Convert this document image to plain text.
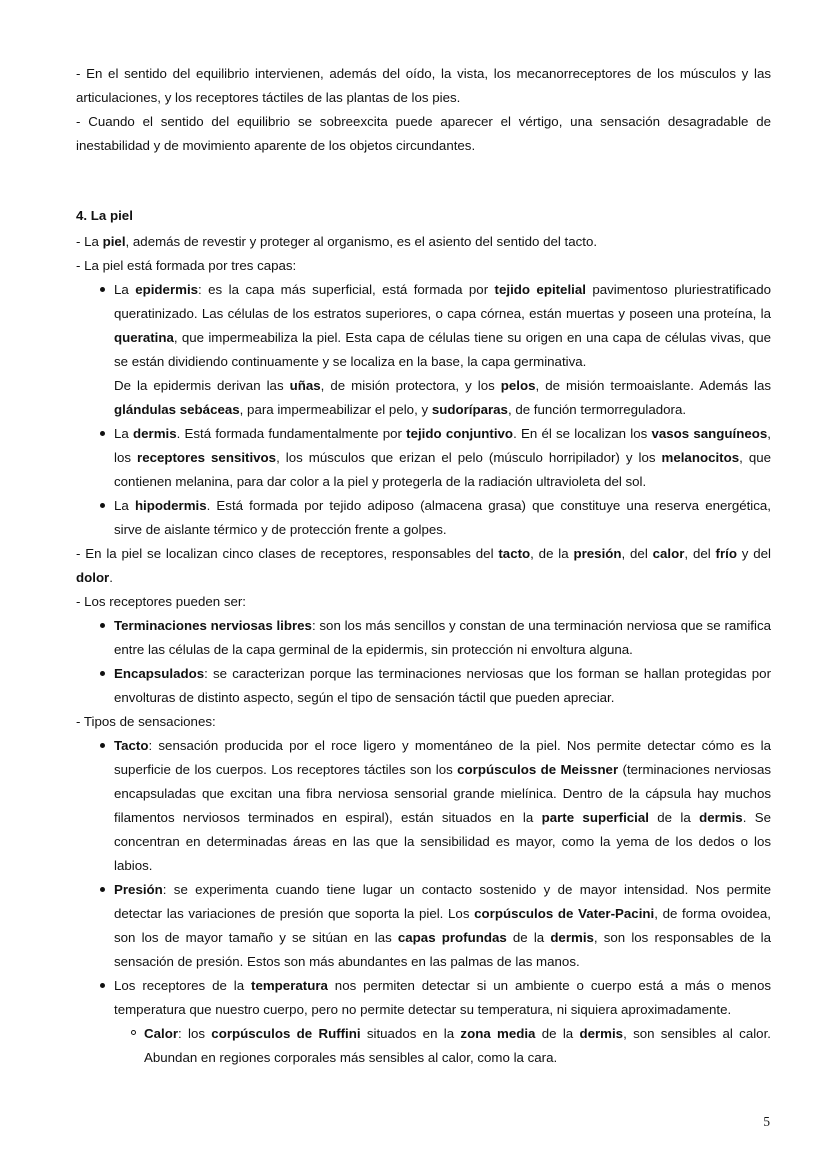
- En el sentido del equilibrio intervienen, además del oído, la vista, los mecanorreceptores de los músculos y las articulaciones, y los receptores táctiles de las plantas de los pies.

- Cuando el sentido del equilibrio se sobreexcita puede aparecer el vértigo, una sensación desagradable de inestabilidad y de movimiento aparente de los objetos circundantes.

4. La piel

- La piel, además de revestir y proteger al organismo, es el asiento del sentido del tacto.

- La piel está formada por tres capas:

La epidermis: es la capa más superficial, está formada por tejido epitelial pavimentoso pluriestratificado queratinizado. Las células de los estratos superiores, o capa córnea, están muertas y poseen una proteína, la queratina, que impermeabiliza la piel. Esta capa de células tiene su origen en una capa de células vivas, que se están dividiendo continuamente y se localiza en la base, la capa germinativa.
De la epidermis derivan las uñas, de misión protectora, y los pelos, de misión termoaislante. Además las glándulas sebáceas, para impermeabilizar el pelo, y sudoríparas, de función termorreguladora.
La dermis. Está formada fundamentalmente por tejido conjuntivo. En él se localizan los vasos sanguíneos, los receptores sensitivos, los músculos que erizan el pelo (músculo horripilador) y los melanocitos, que contienen melanina, para dar color a la piel y protegerla de la radiación ultravioleta del sol.
La hipodermis. Está formada por tejido adiposo (almacena grasa) que constituye una reserva energética, sirve de aislante térmico y de protección frente a golpes.

- En la piel se localizan cinco clases de receptores, responsables del tacto, de la presión, del calor, del frío y del dolor.

- Los receptores pueden ser:

Terminaciones nerviosas libres: son los más sencillos y constan de una terminación nerviosa que se ramifica entre las células de la capa germinal de la epidermis, sin protección ni envoltura alguna.
Encapsulados: se caracterizan porque las terminaciones nerviosas que los forman se hallan protegidas por envolturas de distinto aspecto, según el tipo de sensación táctil que pueden apreciar.

- Tipos de sensaciones:

Tacto: sensación producida por el roce ligero y momentáneo de la piel. Nos permite detectar cómo es la superficie de los cuerpos. Los receptores táctiles son los corpúsculos de Meissner (terminaciones nerviosas encapsuladas que excitan una fibra nerviosa sensorial grande mielínica. Dentro de la cápsula hay muchos filamentos nerviosos terminados en espiral), están situados en la parte superficial de la dermis. Se concentran en determinadas áreas en las que la sensibilidad es mayor, como la yema de los dedos o los labios.
Presión: se experimenta cuando tiene lugar un contacto sostenido y de mayor intensidad. Nos permite detectar las variaciones de presión que soporta la piel. Los corpúsculos de Vater-Pacini, de forma ovoidea, son los de mayor tamaño y se sitúan en las capas profundas de la dermis, son los responsables de la sensación de presión. Estos son más abundantes en las palmas de las manos.
Los receptores de la temperatura nos permiten detectar si un ambiente o cuerpo está a más o menos temperatura que nuestro cuerpo, pero no permite detectar su temperatura, ni siquiera aproximadamente.
Calor: los corpúsculos de Ruffini situados en la zona media de la dermis, son sensibles al calor. Abundan en regiones corporales más sensibles al calor, como la cara.
5
